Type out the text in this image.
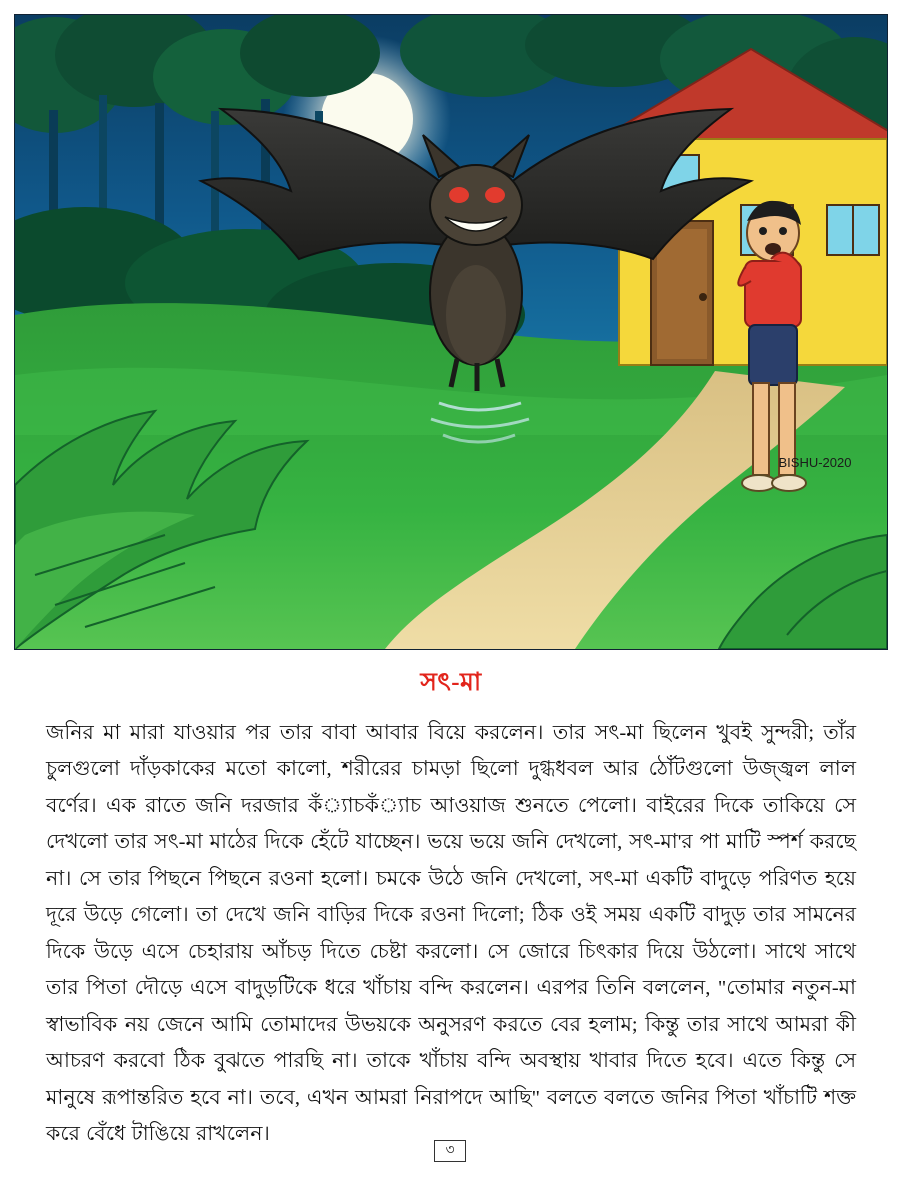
BISHU-2020
সৎ-মা

জনির মা মারা যাওয়ার পর তার বাবা আবার বিয়ে করলেন। তার সৎ-মা ছিলেন খুবই সুন্দরী; তাঁর চুলগুলো দাঁড়কাকের মতো কালো, শরীরের চামড়া ছিলো দুগ্ধধবল আর ঠোঁটগুলো উজ্জ্বল লাল বর্ণের। এক রাতে জনি দরজার কঁ্যাচকঁ্যাচ আওয়াজ শুনতে পেলো। বাইরের দিকে তাকিয়ে সে দেখলো তার সৎ-মা মাঠের দিকে হেঁটে যাচ্ছেন। ভয়ে ভয়ে জনি দেখলো, সৎ-মা'র পা মাটি স্পর্শ করছে না। সে তার পিছনে পিছনে রওনা হলো। চমকে উঠে জনি দেখলো, সৎ-মা একটি বাদুড়ে পরিণত হয়ে দূরে উড়ে গেলো। তা দেখে জনি বাড়ির দিকে রওনা দিলো; ঠিক ওই সময় একটি বাদুড় তার সামনের দিকে উড়ে এসে চেহারায় আঁচড় দিতে চেষ্টা করলো। সে জোরে চিৎকার দিয়ে উঠলো। সাথে সাথে তার পিতা দৌড়ে এসে বাদুড়টিকে ধরে খাঁচায় বন্দি করলেন। এরপর তিনি বললেন, "তোমার নতুন-মা স্বাভাবিক নয় জেনে আমি তোমাদের উভয়কে অনুসরণ করতে বের হলাম; কিন্তু তার সাথে আমরা কী আচরণ করবো ঠিক বুঝতে পারছি না। তাকে খাঁচায় বন্দি অবস্থায় খাবার দিতে হবে। এতে কিন্তু সে মানুষে রূপান্তরিত হবে না। তবে, এখন আমরা নিরাপদে আছি" বলতে বলতে জনির পিতা খাঁচাটি শক্ত করে বেঁধে টাঙিয়ে রাখলেন।

৩
